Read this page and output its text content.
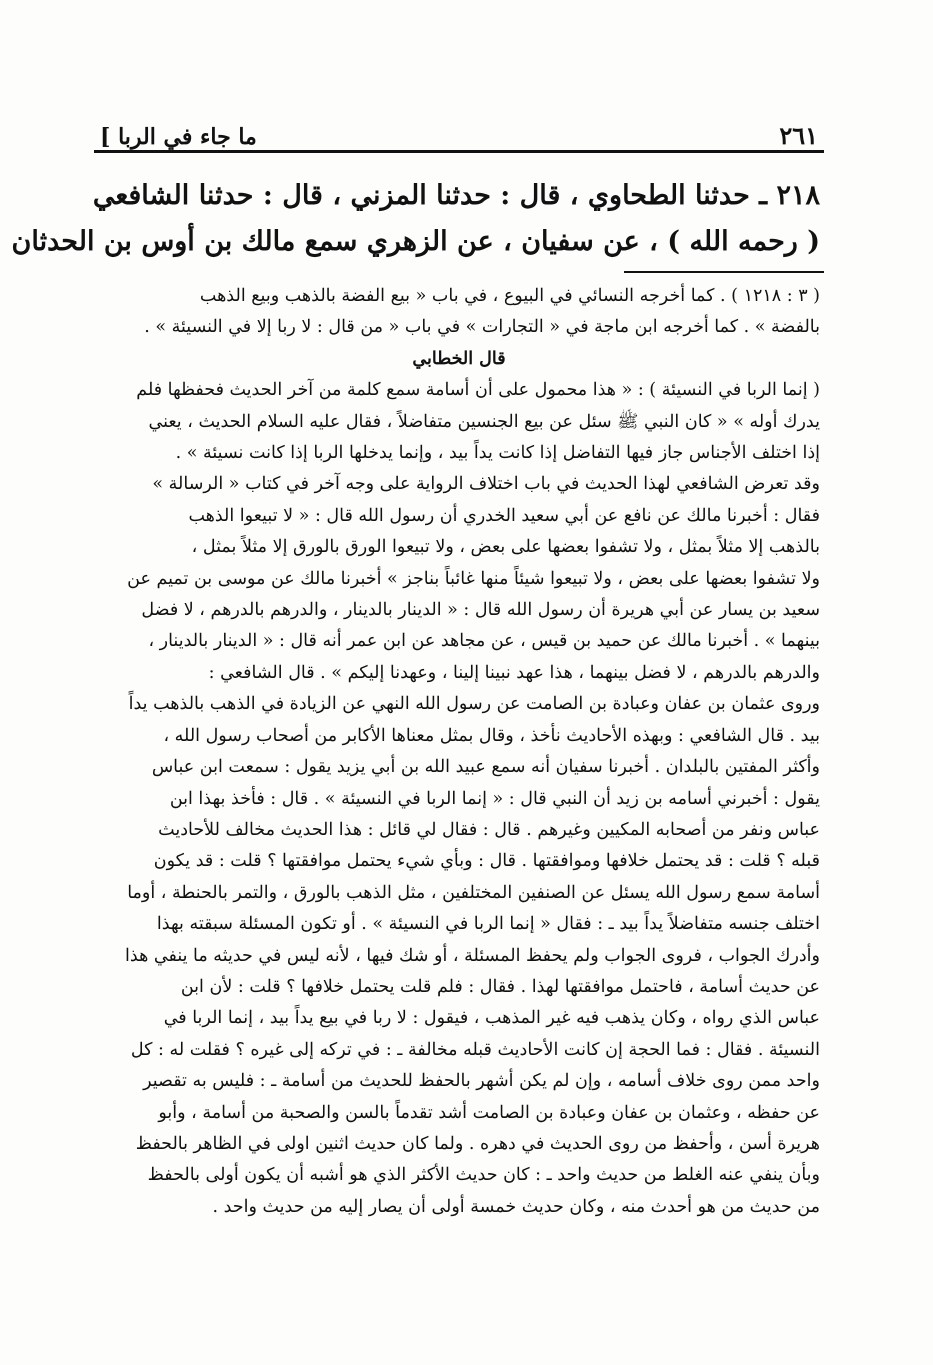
ما جاء في الربا ]	٢٦١
٢١٨ ـ حدثنا الطحاوي ، قال : حدثنا المزني ، قال : حدثنا الشافعي
( رحمه الله ) ، عن سفيان ، عن الزهري سمع مالك بن أوس بن الحدثان
( ٣ : ١٢١٨ ) . كما أخرجه النسائي في البيوع ، في باب « بيع الفضة بالذهب وبيع الذهب
بالفضة » . كما أخرجه ابن ماجة في « التجارات » في باب « من قال : لا ربا إلا في النسيئة » .
قال الخطابي
( إنما الربا في النسيئة ) : « هذا محمول على أن أسامة سمع كلمة من آخر الحديث فحفظها فلم
يدرك أوله » « كان النبي ﷺ سئل عن بيع الجنسين متفاضلاً ، فقال عليه السلام الحديث ، يعني
إذا اختلف الأجناس جاز فيها التفاضل إذا كانت يداً بيد ، وإنما يدخلها الربا إذا كانت نسيئة » .
وقد تعرض الشافعي لهذا الحديث في باب اختلاف الرواية على وجه آخر في كتاب « الرسالة »
فقال : أخبرنا مالك عن نافع عن أبي سعيد الخدري أن رسول الله قال : « لا تبيعوا الذهب
بالذهب إلا مثلاً بمثل ، ولا تشفوا بعضها على بعض ، ولا تبيعوا الورق بالورق إلا مثلاً بمثل ،
ولا تشفوا بعضها على بعض ، ولا تبيعوا شيئاً منها غائباً بناجز » أخبرنا مالك عن موسى بن تميم عن
سعيد بن يسار عن أبي هريرة أن رسول الله قال : « الدينار بالدينار ، والدرهم بالدرهم ، لا فضل
بينهما » . أخبرنا مالك عن حميد بن قيس ، عن مجاهد عن ابن عمر أنه قال : « الدينار بالدينار ،
والدرهم بالدرهم ، لا فضل بينهما ، هذا عهد نبينا إلينا ، وعهدنا إليكم » . قال الشافعي :
وروى عثمان بن عفان وعبادة بن الصامت عن رسول الله النهي عن الزيادة في الذهب بالذهب يداً
بيد . قال الشافعي : وبهذه الأحاديث نأخذ ، وقال بمثل معناها الأكابر من أصحاب رسول الله ،
وأكثر المفتين بالبلدان . أخبرنا سفيان أنه سمع عبيد الله بن أبي يزيد يقول : سمعت ابن عباس
يقول : أخبرني أسامه بن زيد أن النبي قال : « إنما الربا في النسيئة » . قال : فأخذ بهذا ابن
عباس ونفر من أصحابه المكيين وغيرهم . قال : فقال لي قائل : هذا الحديث مخالف للأحاديث
قبله ؟ قلت : قد يحتمل خلافها وموافقتها . قال : وبأي شيء يحتمل موافقتها ؟ قلت : قد يكون
أسامة سمع رسول الله يسئل عن الصنفين المختلفين ، مثل الذهب بالورق ، والتمر بالحنطة ، أوما
اختلف جنسه متفاضلاً يداً بيد ـ : فقال « إنما الربا في النسيئة » . أو تكون المسئلة سبقته بهذا
وأدرك الجواب ، فروى الجواب ولم يحفظ المسئلة ، أو شك فيها ، لأنه ليس في حديثه ما ينفي هذا
عن حديث أسامة ، فاحتمل موافقتها لهذا . فقال : فلم قلت يحتمل خلافها ؟ قلت : لأن ابن
عباس الذي رواه ، وكان يذهب فيه غير المذهب ، فيقول : لا ربا في بيع يداً بيد ، إنما الربا في
النسيئة . فقال : فما الحجة إن كانت الأحاديث قبله مخالفة ـ : في تركه إلى غيره ؟ فقلت له : كل
واحد ممن روى خلاف أسامه ، وإن لم يكن أشهر بالحفظ للحديث من أسامة ـ : فليس به تقصير
عن حفظه ، وعثمان بن عفان وعبادة بن الصامت أشد تقدماً بالسن والصحبة من أسامة ، وأبو
هريرة أسن ، وأحفظ من روى الحديث في دهره . ولما كان حديث اثنين اولى في الظاهر بالحفظ
وبأن ينفي عنه الغلط من حديث واحد ـ : كان حديث الأكثر الذي هو أشبه أن يكون أولى بالحفظ
من حديث من هو أحدث منه ، وكان حديث خمسة أولى أن يصار إليه من حديث واحد .
